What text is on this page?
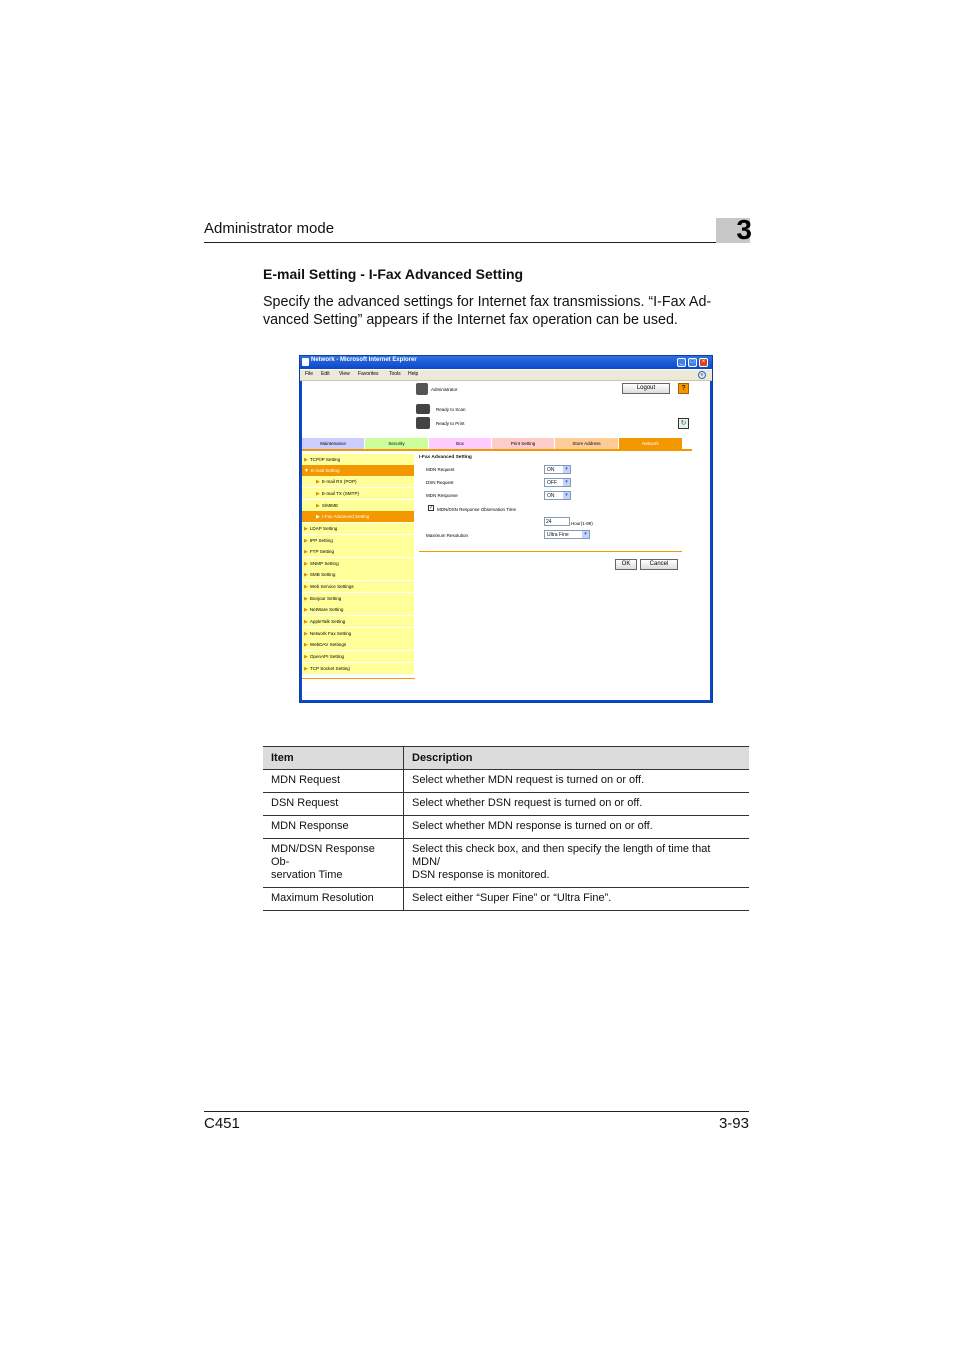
Administrator mode	3
E-mail Setting - I-Fax Advanced Setting

Specify the advanced settings for Internet fax transmissions. “I-Fax Ad-

vanced Setting” appears if the Internet fax operation can be used.

Network - Microsoft Internet Explorer	_	□	×
File Edit View Favorites Tools Help	e
Administrator	Logout	?
Ready to Scan
Ready to Print	↻
Maintenance	Security	Box	Print Setting	Store Address	Network
▶ TCP/IP Setting
▼ E-mail Setting
▶ E-mail RX (POP)
▶ E-mail TX (SMTP)
▶ S/MIME
▶ I-Fax Advanced Setting
▶ LDAP Setting
▶ IPP Setting
▶ FTP Setting
▶ SNMP Setting
▶ SMB Setting
▶ Web Service Settings
▶ Bonjour Setting
▶ NetWare Setting
▶ AppleTalk Setting
▶ Network Fax Setting
▶ WebDAV Settings
▶ OpenAPI Setting
▶ TCP Socket Setting
I-Fax Advanced Setting
MDN Request	ON	▾
DSN Request	OFF	▾
MDN Response	ON	▾
✓ MDN/DSN Response Observation Time
24	Hour(1-99)
Maximum Resolution	Ultra Fine	▾
OK	Cancel
Item	Description
MDN Request	Select whether MDN request is turned on or off.
DSN Request	Select whether DSN request is turned on or off.
MDN Response	Select whether MDN response is turned on or off.
MDN/DSN Response Ob-
servation Time	Select this check box, and then specify the length of time that MDN/
DSN response is monitored.
Maximum Resolution	Select either “Super Fine” or “Ultra Fine”.
C451	3-93
